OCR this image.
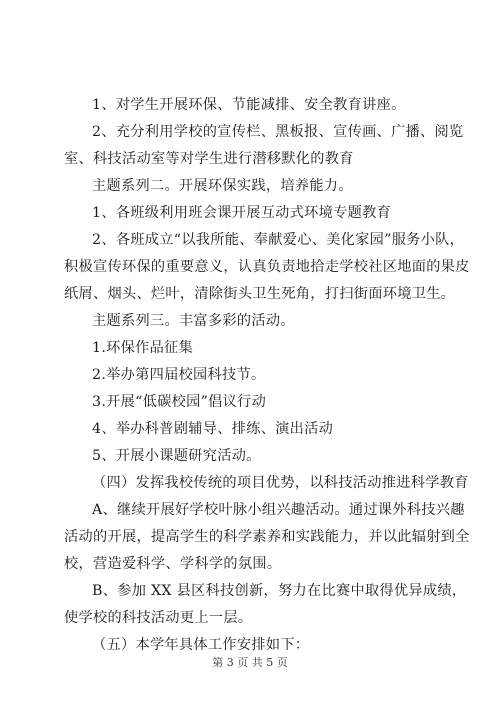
1、对学生开展环保、节能减排、安全教育讲座。
2、充分利用学校的宣传栏、黑板报、宣传画、广播、阅览
室、科技活动室等对学生进行潜移默化的教育
主题系列二。开展环保实践，培养能力。
1、各班级利用班会课开展互动式环境专题教育
2、各班成立“以我所能、奉献爱心、美化家园”服务小队，
积极宣传环保的重要意义，认真负责地拾走学校社区地面的果皮
纸屑、烟头、烂叶，清除街头卫生死角，打扫街面环境卫生。
主题系列三。丰富多彩的活动。
1.环保作品征集
2.举办第四届校园科技节。
3.开展“低碳校园”倡议行动
4、举办科普剧辅导、排练、演出活动
5、开展小课题研究活动。
（四）发挥我校传统的项目优势，以科技活动推进科学教育
A、继续开展好学校叶脉小组兴趣活动。通过课外科技兴趣
活动的开展，提高学生的科学素养和实践能力，并以此辐射到全
校，营造爱科学、学科学的氛围。
B、参加 XX 县区科技创新，努力在比赛中取得优异成绩，
使学校的科技活动更上一层。
（五）本学年具体工作安排如下：
第 3 页 共 5 页
